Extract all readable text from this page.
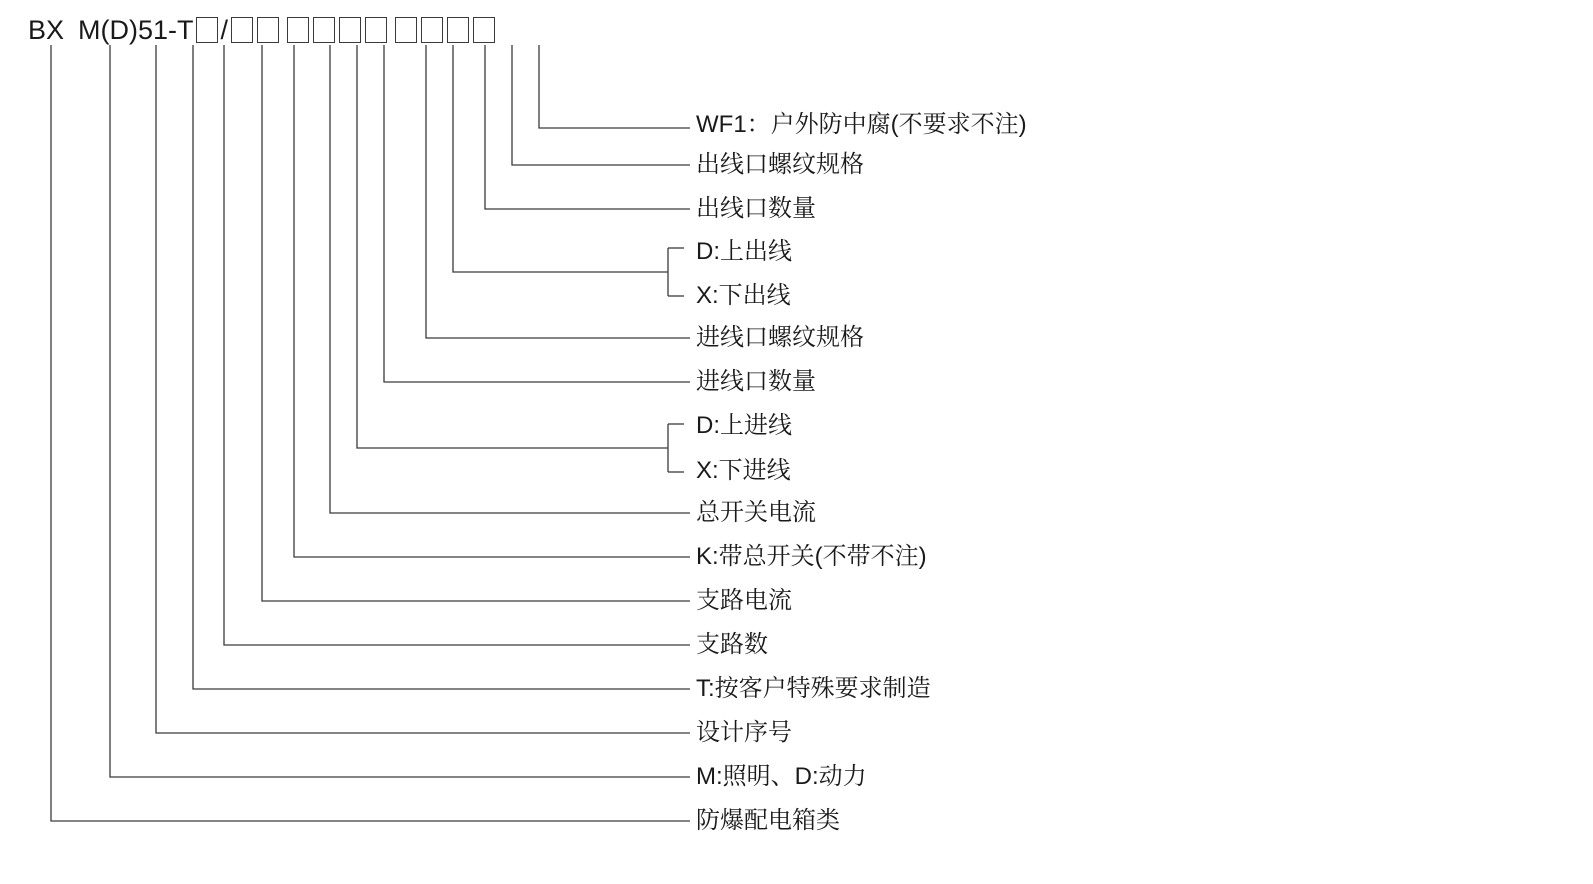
BX M(D)51-T /
WF1：户外防中腐(不要求不注)
出线口螺纹规格
出线口数量
D:上出线
X:下出线
进线口螺纹规格
进线口数量
D:上进线
X:下进线
总开关电流
K:带总开关(不带不注)
支路电流
支路数
T:按客户特殊要求制造
设计序号
M:照明、D:动力
防爆配电箱类
